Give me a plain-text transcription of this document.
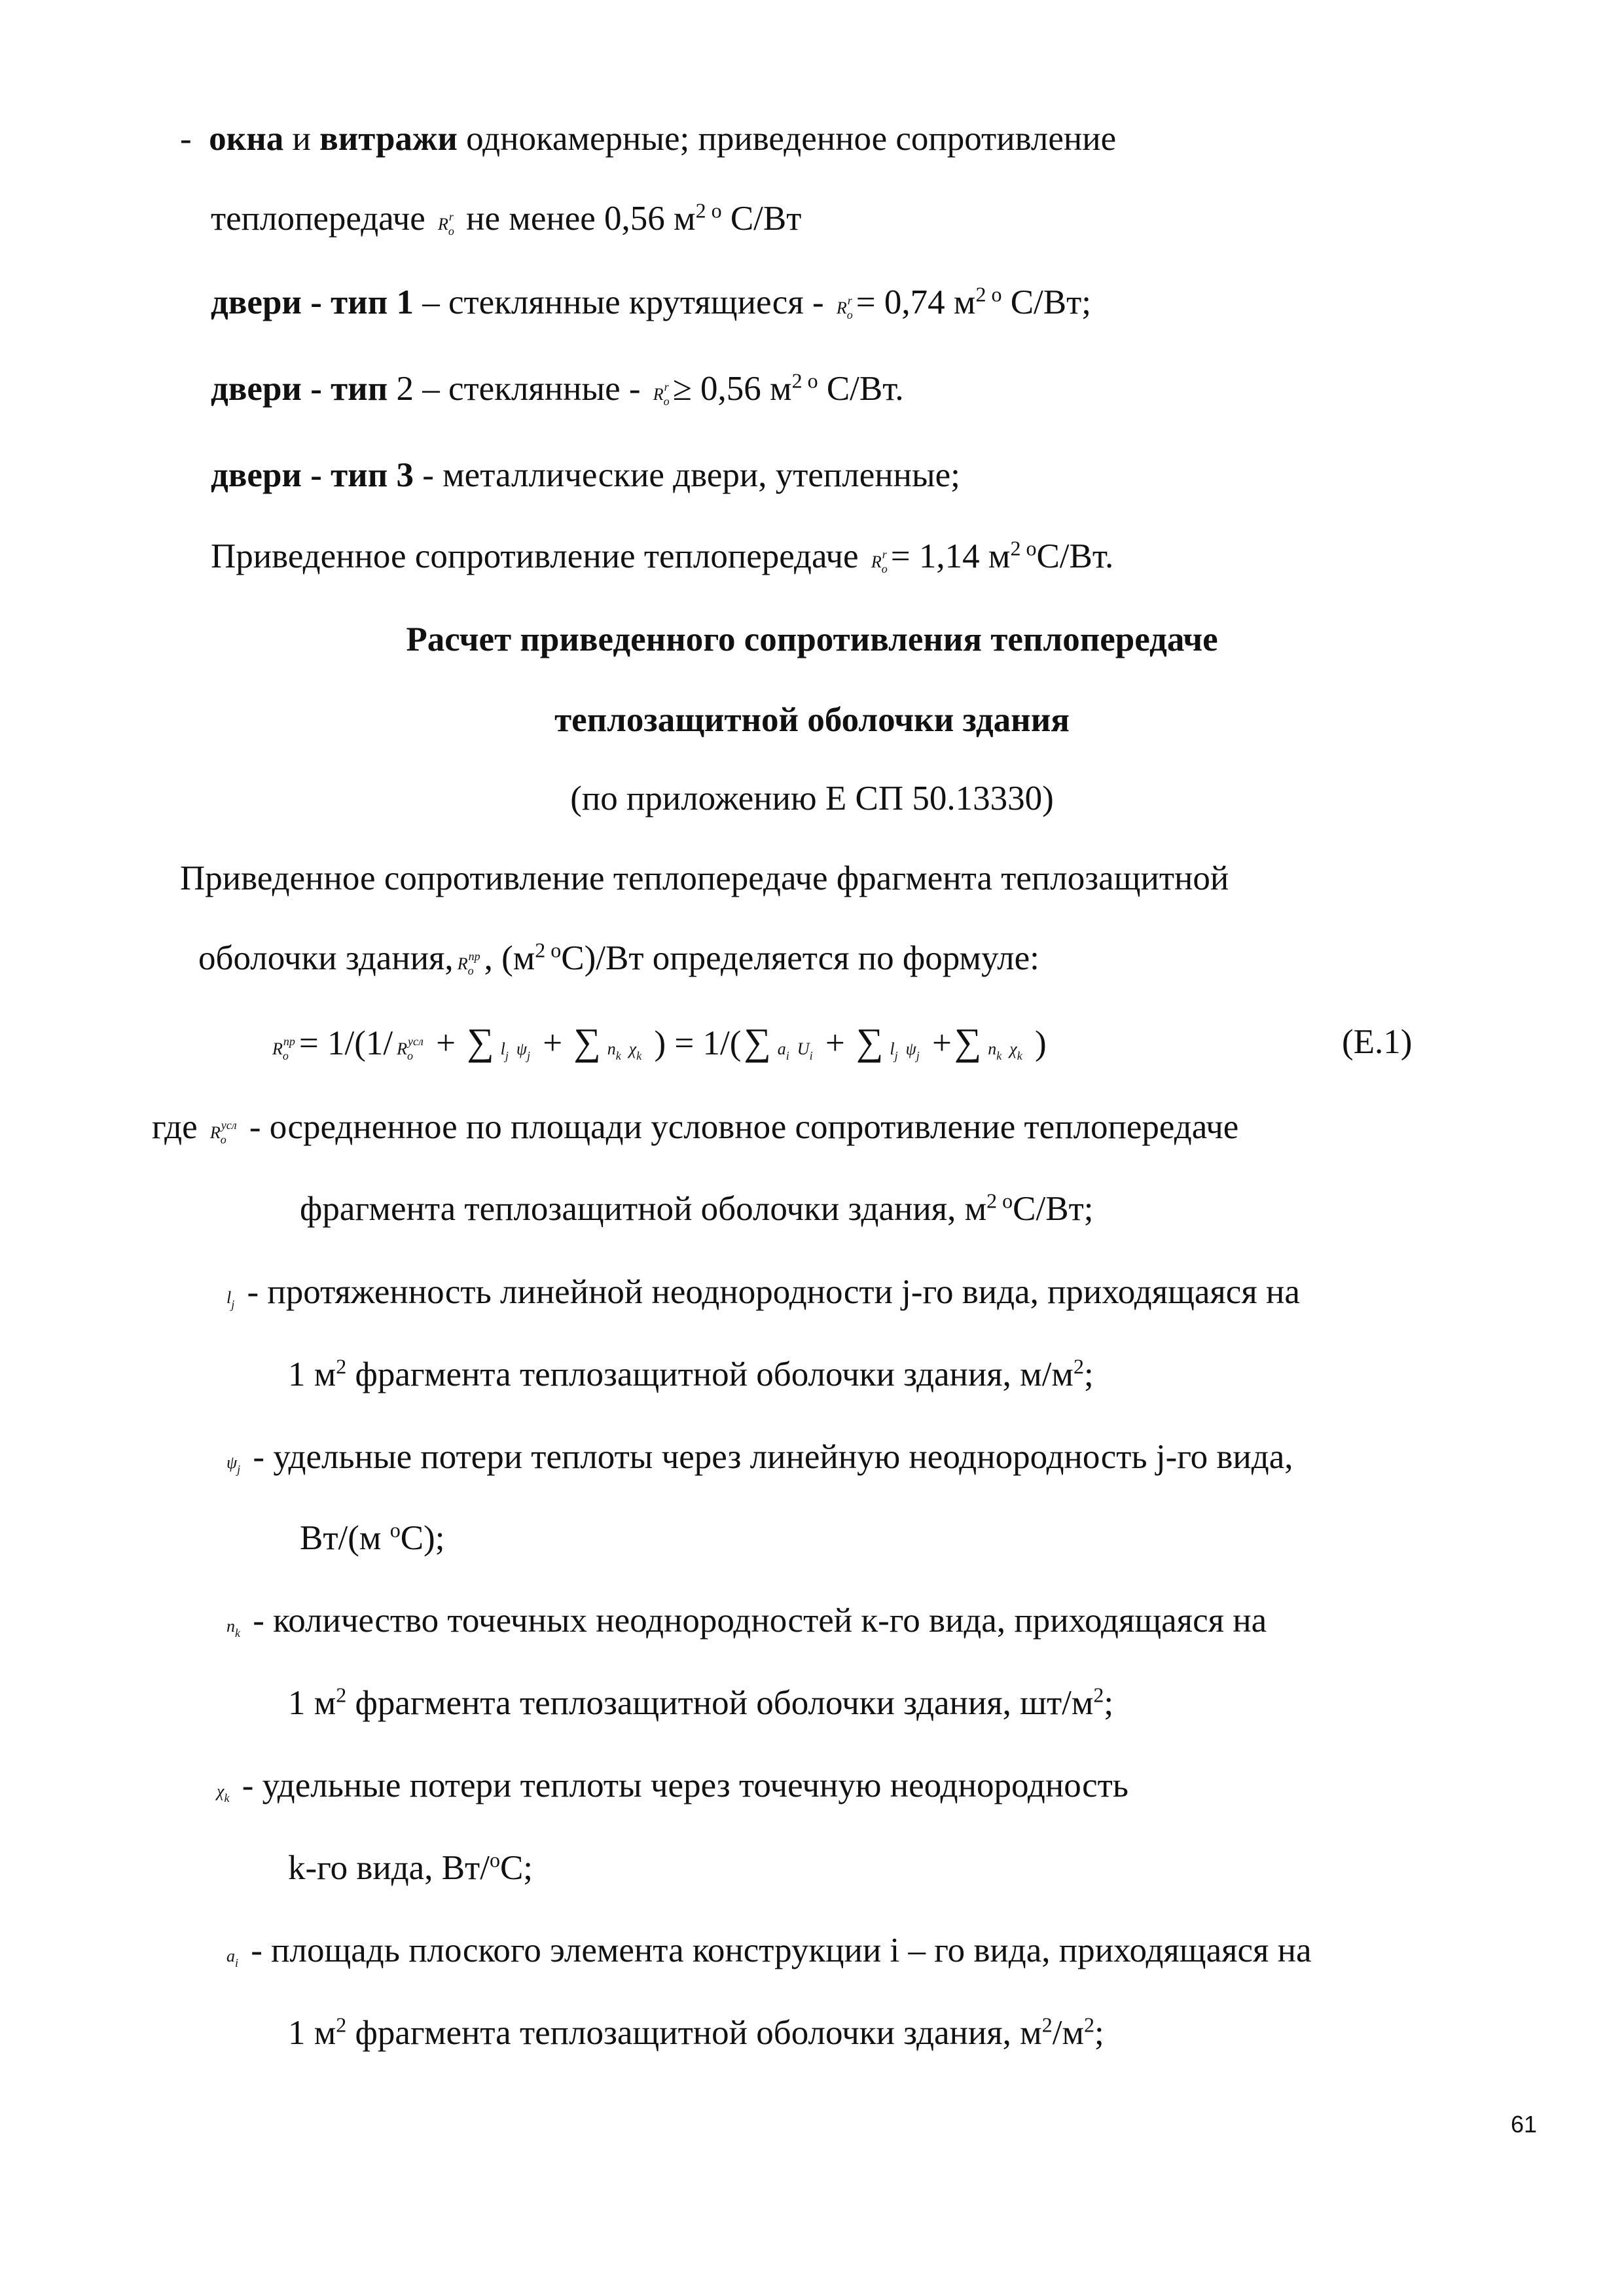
- окна и витражи однокамерные; приведенное сопротивление
теплопередаче $R_o^r$ не менее 0,56 $м^{2 о}$ С/Вт
двери - тип 1 – стеклянные крутящиеся - $R_o^r = 0,74$ $м^{2 о}$ С/Вт;
двери - тип 2 – стеклянные - $R_o^r \ge 0,56$ $м^{2 о}$ С/Вт.
двери - тип 3 - металлические двери, утепленные;
Приведенное сопротивление теплопередаче $R_o^r = 1,14$ $м^{2 о}С/Вт$.
Расчет приведенного сопротивления теплопередаче
теплозащитной оболочки здания
(по приложению Е СП 50.13330)
Приведенное сопротивление теплопередаче фрагмента теплозащитной
оболочки здания, $R_o^{пр}$ , $(м^{2 о}С)/Вт$ определяется по формуле:
$R_o^{пр} = 1/(1/$ $R_o^{усл}$ + ∑ $l_j$ $\psi_j$ + ∑ $n_k$ $\chi_k$ ) = 1/(∑ $a_i$ $U_i$ + ∑ $l_j$ $\psi_j$ +∑ $n_k$ $\chi_k$ )	(Е.1)
где $R_o^{усл}$ - осредненное по площади условное сопротивление теплопередаче
фрагмента теплозащитной оболочки здания, $м^{2 о}С/Вт$;
$l_j$ - протяженность линейной неоднородности j-го вида, приходящаяся на
1 $м^2$ фрагмента теплозащитной оболочки здания, $м/м^2$;
$\psi_j$ - удельные потери теплоты через линейную неоднородность j-го вида,
Вт/(м $^о$С);
$n_k$ - количество точечных неоднородностей к-го вида, приходящаяся на
1 $м^2$ фрагмента теплозащитной оболочки здания, $шт/м^2$;
$\chi_k$ - удельные потери теплоты через точечную неоднородность
k-го вида, Вт/$^о$С;
$a_i$ - площадь плоского элемента конструкции i – го вида, приходящаяся на
1 $м^2$ фрагмента теплозащитной оболочки здания, $м^2/м^2$;
61
